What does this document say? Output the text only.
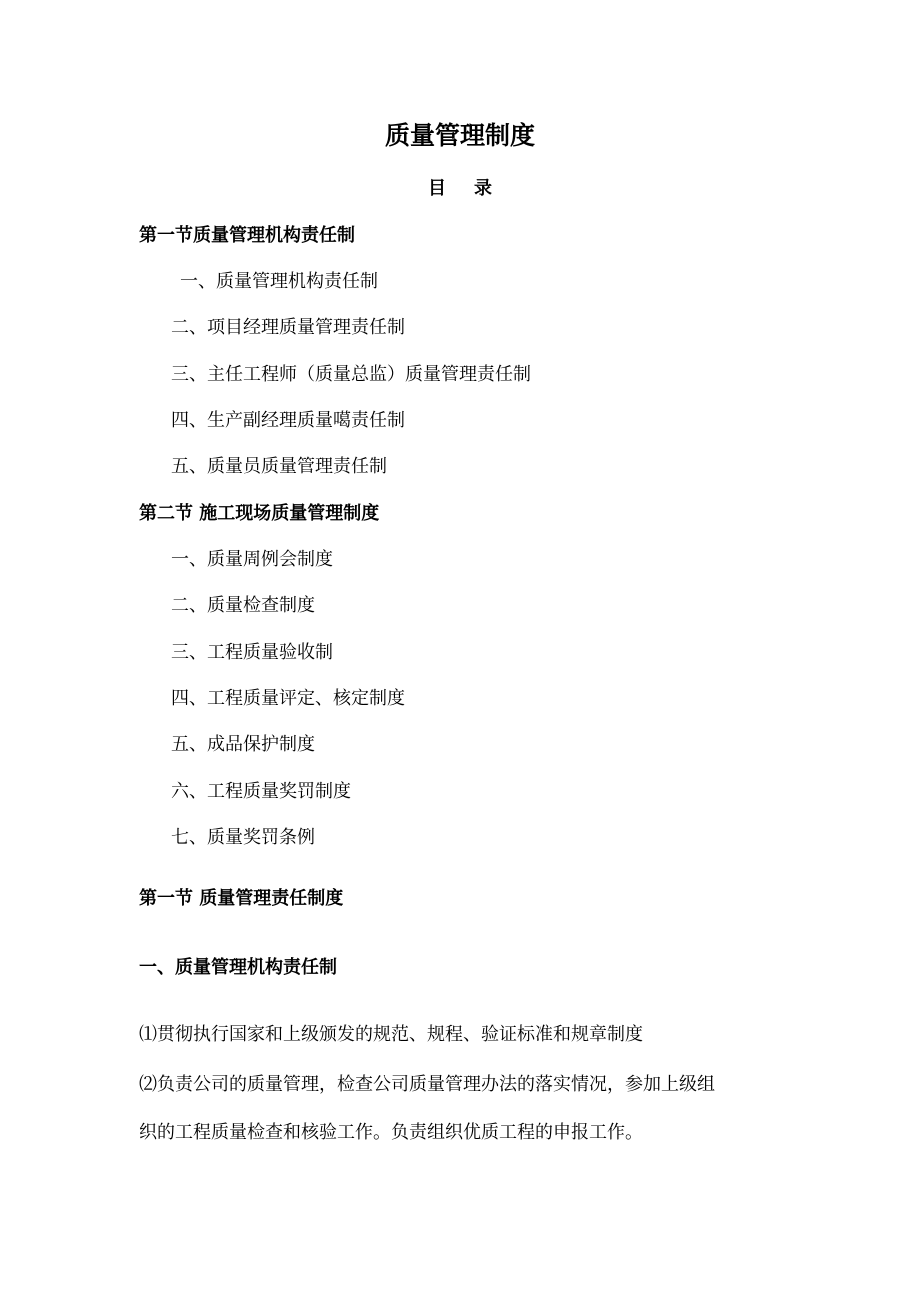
质量管理制度
目录
第一节质量管理机构责任制
一、质量管理机构责任制
二、项目经理质量管理责任制
三、主任工程师（质量总监）质量管理责任制
四、生产副经理质量噶责任制
五、质量员质量管理责任制
第二节 施工现场质量管理制度
一、质量周例会制度
二、质量检查制度
三、工程质量验收制
四、工程质量评定、核定制度
五、成品保护制度
六、工程质量奖罚制度
七、质量奖罚条例
第一节 质量管理责任制度
一、质量管理机构责任制
⑴贯彻执行国家和上级颁发的规范、规程、验证标准和规章制度
⑵负责公司的质量管理，检查公司质量管理办法的落实情况，参加上级组
织的工程质量检查和核验工作。负责组织优质工程的申报工作。
